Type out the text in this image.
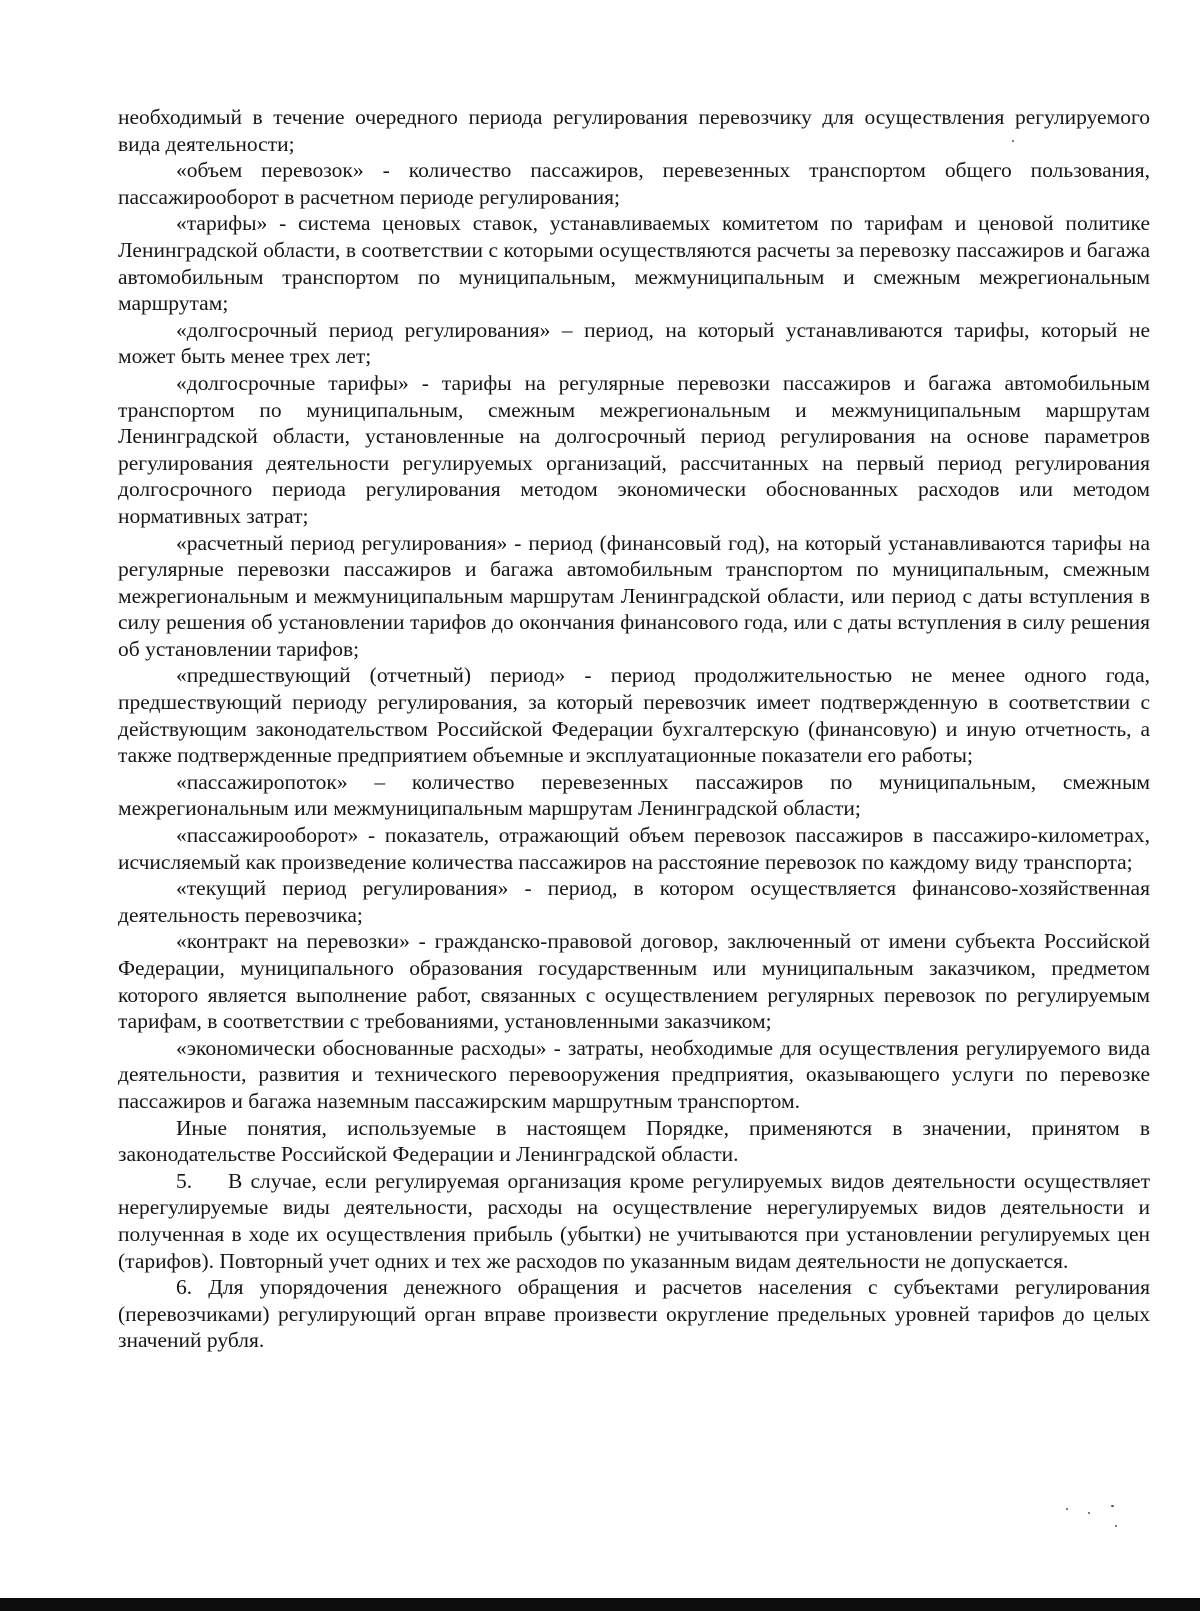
необходимый в течение очередного периода регулирования перевозчику для осуществления регулируемого вида деятельности;

«объем перевозок» - количество пассажиров, перевезенных транспортом общего пользования, пассажирооборот в расчетном периоде регулирования;

«тарифы» - система ценовых ставок, устанавливаемых комитетом по тарифам и ценовой политике Ленинградской области, в соответствии с которыми осуществляются расчеты за перевозку пассажиров и багажа автомобильным транспортом по муниципальным, межмуниципальным и смежным межрегиональным маршрутам;

«долгосрочный период регулирования» – период, на который устанавливаются тарифы, который не может быть менее трех лет;

«долгосрочные тарифы» - тарифы на регулярные перевозки пассажиров и багажа автомобильным транспортом по муниципальным, смежным межрегиональным и межмуниципальным маршрутам Ленинградской области, установленные на долгосрочный период регулирования на основе параметров регулирования деятельности регулируемых организаций, рассчитанных на первый период регулирования долгосрочного периода регулирования методом экономически обоснованных расходов или методом нормативных затрат;

«расчетный период регулирования» - период (финансовый год), на который устанавливаются тарифы на регулярные перевозки пассажиров и багажа автомобильным транспортом по муниципальным, смежным межрегиональным и межмуниципальным маршрутам Ленинградской области, или период с даты вступления в силу решения об установлении тарифов до окончания финансового года, или с даты вступления в силу решения об установлении тарифов;

«предшествующий (отчетный) период» - период продолжительностью не менее одного года, предшествующий периоду регулирования, за который перевозчик имеет подтвержденную в соответствии с действующим законодательством Российской Федерации бухгалтерскую (финансовую) и иную отчетность, а также подтвержденные предприятием объемные и эксплуатационные показатели его работы;

«пассажиропоток» – количество перевезенных пассажиров по муниципальным, смежным межрегиональным или межмуниципальным маршрутам Ленинградской области;

«пассажирооборот» - показатель, отражающий объем перевозок пассажиров в пассажиро-километрах, исчисляемый как произведение количества пассажиров на расстояние перевозок по каждому виду транспорта;

«текущий период регулирования» - период, в котором осуществляется финансово-хозяйственная деятельность перевозчика;

«контракт на перевозки» - гражданско-правовой договор, заключенный от имени субъекта Российской Федерации, муниципального образования государственным или муниципальным заказчиком, предметом которого является выполнение работ, связанных с осуществлением регулярных перевозок по регулируемым тарифам, в соответствии с требованиями, установленными заказчиком;

«экономически обоснованные расходы» - затраты, необходимые для осуществления регулируемого вида деятельности, развития и технического перевооружения предприятия, оказывающего услуги по перевозке пассажиров и багажа наземным пассажирским маршрутным транспортом.

Иные понятия, используемые в настоящем Порядке, применяются в значении, принятом в законодательстве Российской Федерации и Ленинградской области.

5. В случае, если регулируемая организация кроме регулируемых видов деятельности осуществляет нерегулируемые виды деятельности, расходы на осуществление нерегулируемых видов деятельности и полученная в ходе их осуществления прибыль (убытки) не учитываются при установлении регулируемых цен (тарифов). Повторный учет одних и тех же расходов по указанным видам деятельности не допускается.

6. Для упорядочения денежного обращения и расчетов населения с субъектами регулирования (перевозчиками) регулирующий орган вправе произвести округление предельных уровней тарифов до целых значений рубля.
